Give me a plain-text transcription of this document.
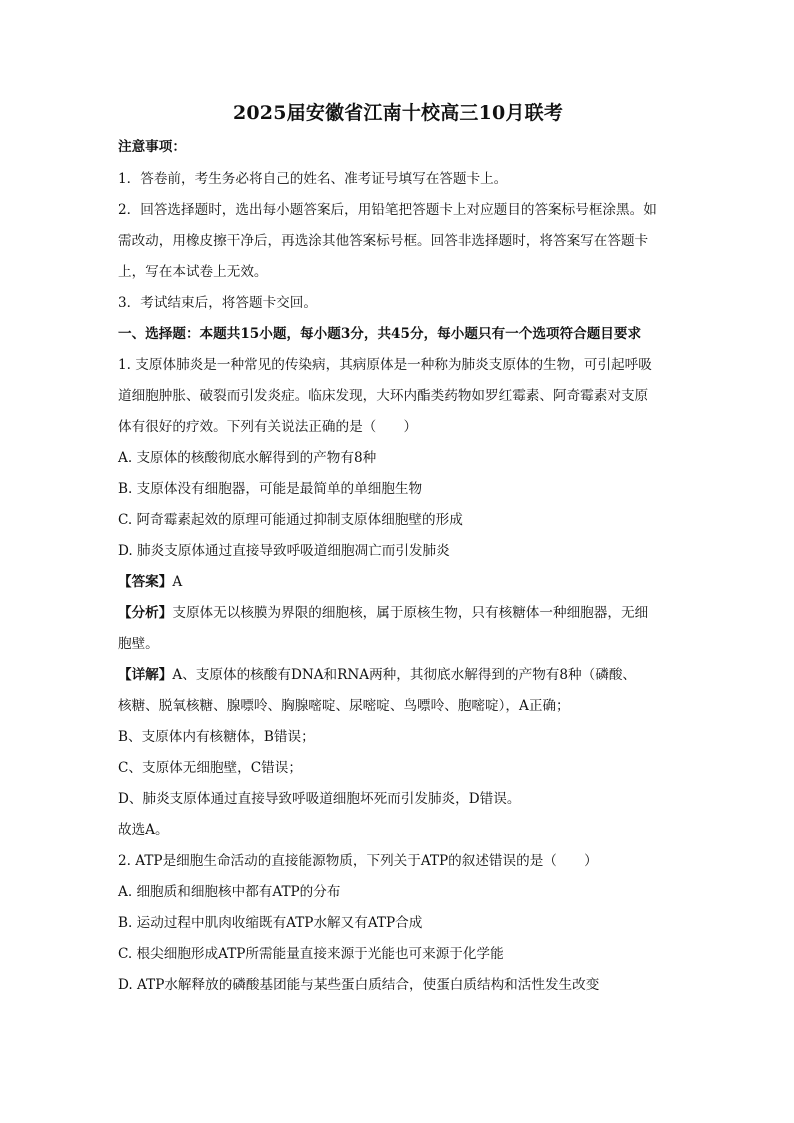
2025届安徽省江南十校高三10月联考

注意事项：

1．答卷前，考生务必将自己的姓名、准考证号填写在答题卡上。

2．回答选择题时，选出每小题答案后，用铅笔把答题卡上对应题目的答案标号框涂黑。如

需改动，用橡皮擦干净后，再选涂其他答案标号框。回答非选择题时，将答案写在答题卡

上，写在本试卷上无效。

3．考试结束后，将答题卡交回。

一、选择题：本题共15小题，每小题3分，共45分，每小题只有一个选项符合题目要求

1. 支原体肺炎是一种常见的传染病，其病原体是一种称为肺炎支原体的生物，可引起呼吸

道细胞肿胀、破裂而引发炎症。临床发现，大环内酯类药物如罗红霉素、阿奇霉素对支原

体有很好的疗效。下列有关说法正确的是（　　）

A. 支原体的核酸彻底水解得到的产物有8种

B. 支原体没有细胞器，可能是最简单的单细胞生物

C. 阿奇霉素起效的原理可能通过抑制支原体细胞壁的形成

D. 肺炎支原体通过直接导致呼吸道细胞凋亡而引发肺炎

【答案】A

【分析】支原体无以核膜为界限的细胞核，属于原核生物，只有核糖体一种细胞器，无细

胞壁。

【详解】A、支原体的核酸有DNA和RNA两种，其彻底水解得到的产物有8种（磷酸、

核糖、脱氧核糖、腺嘌呤、胸腺嘧啶、尿嘧啶、鸟嘌呤、胞嘧啶），A正确；

B、支原体内有核糖体，B错误；

C、支原体无细胞壁，C错误；

D、肺炎支原体通过直接导致呼吸道细胞坏死而引发肺炎，D错误。

故选A。

2. ATP是细胞生命活动的直接能源物质，下列关于ATP的叙述错误的是（　　）

A. 细胞质和细胞核中都有ATP的分布

B. 运动过程中肌肉收缩既有ATP水解又有ATP合成

C. 根尖细胞形成ATP所需能量直接来源于光能也可来源于化学能

D. ATP水解释放的磷酸基团能与某些蛋白质结合，使蛋白质结构和活性发生改变
